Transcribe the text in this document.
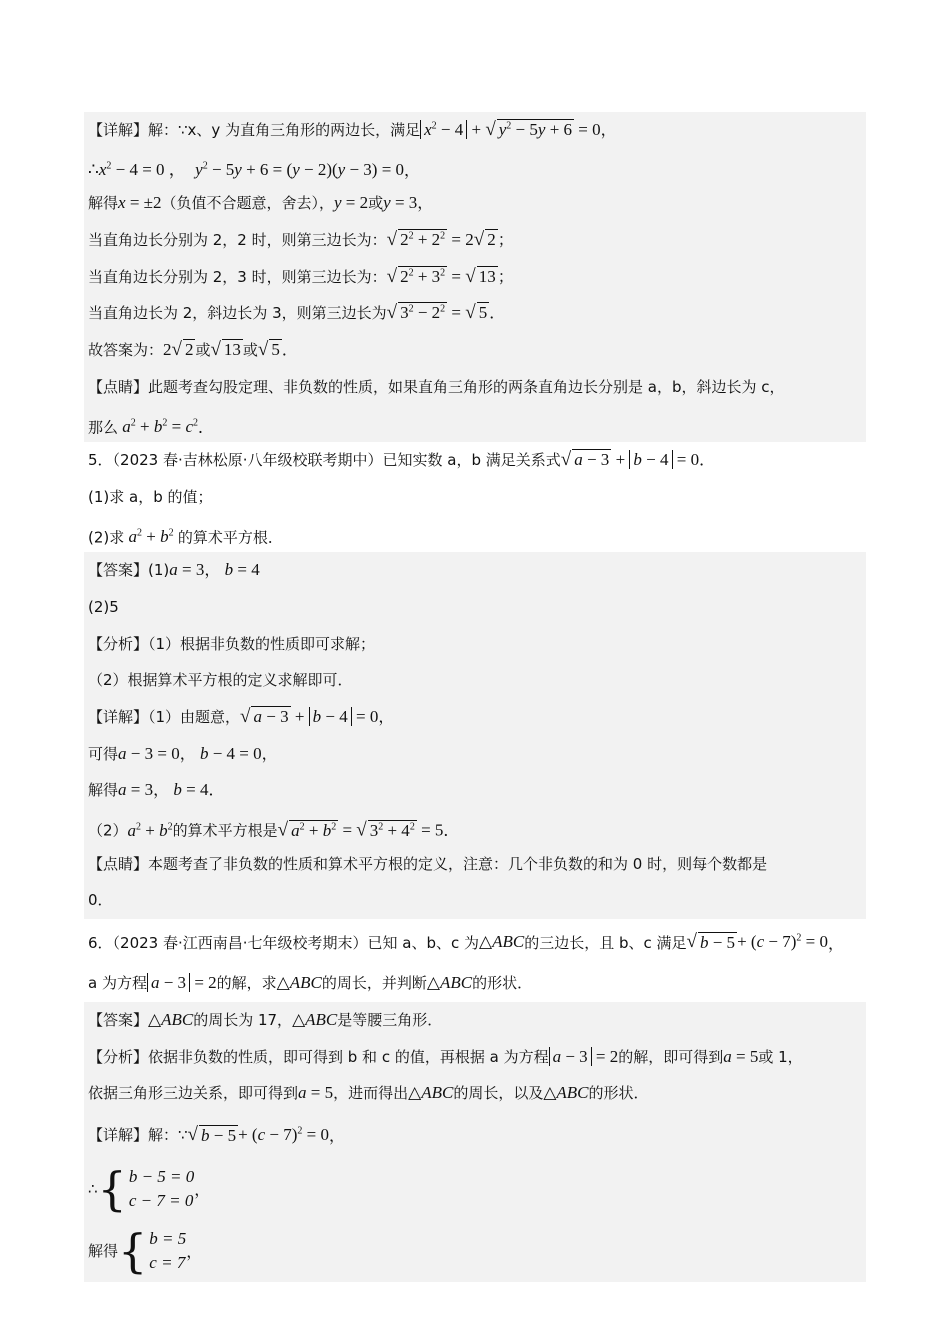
【详解】解：∵x、y 为直角三角形的两边长，满足 $x^2 - 4$ + √ $y^2 - 5y + 6 = 0$，
$\therefore x^2 - 4 = 0$ ， $y^2 - 5y + 6 = (y - 2)(y - 3) = 0$，
解得x = ±2（负值不合题意，舍去），y = 2或y = 3，
当直角边长分别为 2，2 时，则第三边长为：√ $2^2 + 2^2 = 2√$ 2 ；
当直角边长分别为 2，3 时，则第三边长为：√ $2^2 + 3^2$ = √ 13 ；
当直角边长为 2，斜边长为 3，则第三边长为√ $3^2 - 2^2$ = √ 5 ．
故答案为：2√ 2 或√ 13 或√ 5 ．
【点睛】此题考查勾股定理、非负数的性质，如果直角三角形的两条直角边长分别是 a，b，斜边长为 c，
那么 $a^2 + b^2 = c^2$．
5．（2023 春·吉林松原·八年级校联考期中）已知实数 a，b 满足关系式√ a − 3 + b − 4 = 0．
(1)求 a，b 的值；
(2)求 $a^2 + b^2$ 的算术平方根．
【答案】(1)a = 3， b = 4
(2)5
【分析】（1）根据非负数的性质即可求解；
（2）根据算术平方根的定义求解即可．
【详解】（1）由题意，√ a − 3 + b − 4 = 0，
可得a − 3 = 0， b − 4 = 0，
解得a = 3， b = 4．
$(2)a^2 + b^2$的算术平方根是√ $a^2 + b^2$ = √ $3^2 + 4^2 = 5$．
【点睛】本题考查了非负数的性质和算术平方根的定义，注意：几个非负数的和为 0 时，则每个数都是
0．
6．（2023 春·江西南昌·七年级校考期末）已知 a、b、c 为 △ABC 的三边长，且 b、c 满足 √ $b - 5 + (c - 7)^2 = 0$ ，
a 为方程 a − 3 = 2的解，求△ABC的周长，并判断△ABC的形状．
【答案】△ABC的周长为 17，△ABC是等腰三角形．
【分析】依据非负数的性质，即可得到 b 和 c 的值，再根据 a 为方程 a − 3 = 2的解，即可得到a = 5或 1，
依据三角形三边关系，即可得到a = 5，进而得出△ABC的周长，以及△ABC的形状．
【详解】解：∵ √ $b - 5 + (c - 7)^2 = 0$ ，
∴ { b − 5 = 0
c − 7 = 0
，
解得 { b = 5
c = 7
，
